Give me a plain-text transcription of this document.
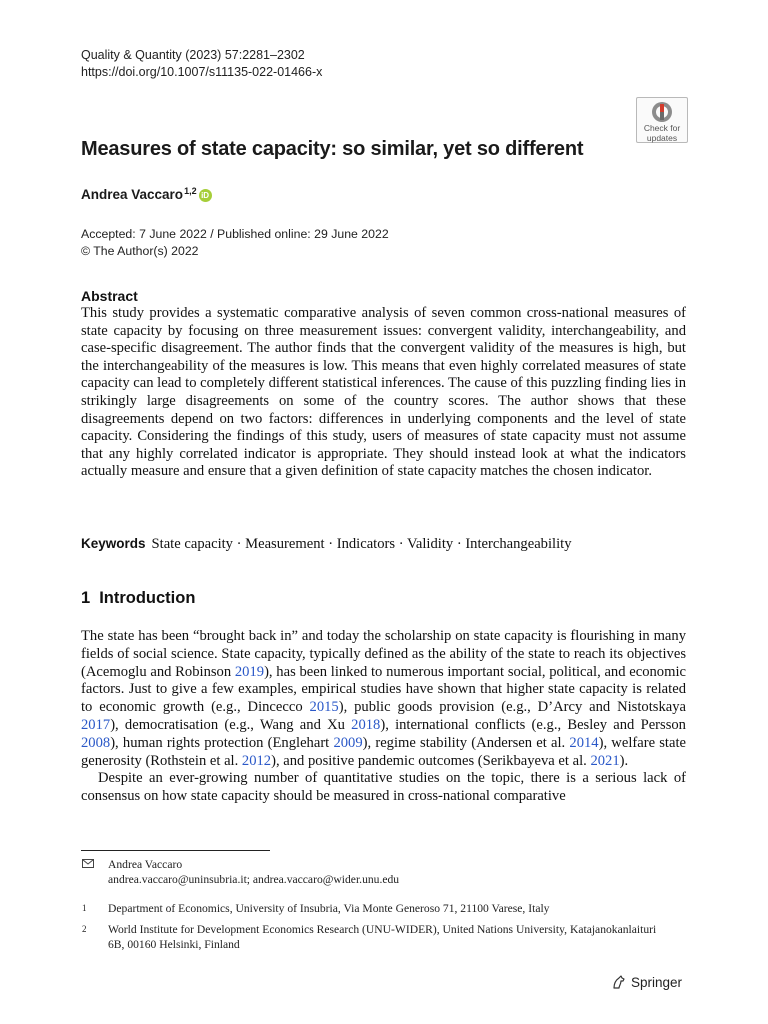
Quality & Quantity (2023) 57:2281–2302
https://doi.org/10.1007/s11135-022-01466-x
Check for
updates
Measures of state capacity: so similar, yet so different
Andrea Vaccaro$^{1,2}$ iD
Accepted: 7 June 2022 / Published online: 29 June 2022
© The Author(s) 2022
Abstract
This study provides a systematic comparative analysis of seven common cross-national measures of state capacity by focusing on three measurement issues: convergent validity, interchangeability, and case-specific disagreement. The author finds that the convergent validity of the measures is high, but the interchangeability of the measures is low. This means that even highly correlated measures of state capacity can lead to completely different statistical inferences. The cause of this puzzling finding lies in strikingly large disagreements on some of the country scores. The author shows that these disagreements depend on two factors: differences in underlying components and the level of state capacity. Considering the findings of this study, users of measures of state capacity must not assume that any highly correlated indicator is appropriate. They should instead look at what the indicators actually measure and ensure that a given definition of state capacity matches the chosen indicator.
Keywords State capacity · Measurement · Indicators · Validity · Interchangeability
1 Introduction

The state has been “brought back in” and today the scholarship on state capacity is flourishing in many fields of social science. State capacity, typically defined as the ability of the state to reach its objectives (Acemoglu and Robinson 2019), has been linked to numerous important social, political, and economic factors. Just to give a few examples, empirical studies have shown that higher state capacity is related to economic growth (e.g., Dincecco 2015), public goods provision (e.g., D’Arcy and Nistotskaya 2017), democratisation (e.g., Wang and Xu 2018), international conflicts (e.g., Besley and Persson 2008), human rights protection (Englehart 2009), regime stability (Andersen et al. 2014), welfare state generosity (Rothstein et al. 2012), and positive pandemic outcomes (Serikbayeva et al. 2021).

Despite an ever-growing number of quantitative studies on the topic, there is a serious lack of consensus on how state capacity should be measured in cross-national comparative

Andrea Vaccaro
andrea.vaccaro@uninsubria.it; andrea.vaccaro@wider.unu.edu
1 Department of Economics, University of Insubria, Via Monte Generoso 71, 21100 Varese, Italy
2 World Institute for Development Economics Research (UNU-WIDER), United Nations University, Katajanokanlaituri 6B, 00160 Helsinki, Finland
Springer
